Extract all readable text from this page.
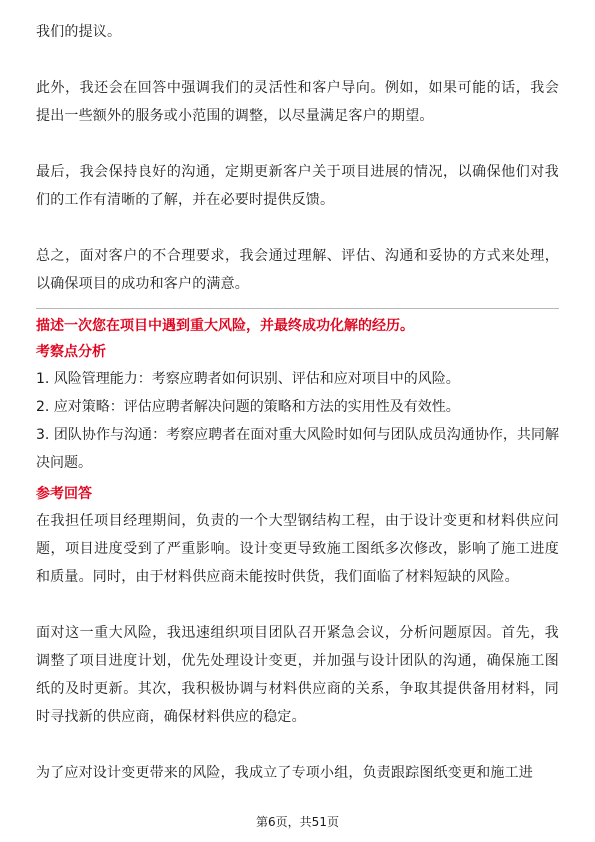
我们的提议。

此外，我还会在回答中强调我们的灵活性和客户导向。例如，如果可能的话，我会提出一些额外的服务或小范围的调整，以尽量满足客户的期望。

最后，我会保持良好的沟通，定期更新客户关于项目进展的情况，以确保他们对我们的工作有清晰的了解，并在必要时提供反馈。

总之，面对客户的不合理要求，我会通过理解、评估、沟通和妥协的方式来处理，以确保项目的成功和客户的满意。

描述一次您在项目中遇到重大风险，并最终成功化解的经历。

考察点分析

1. 风险管理能力：考察应聘者如何识别、评估和应对项目中的风险。

2. 应对策略：评估应聘者解决问题的策略和方法的实用性及有效性。

3. 团队协作与沟通：考察应聘者在面对重大风险时如何与团队成员沟通协作，共同解决问题。

参考回答

在我担任项目经理期间，负责的一个大型钢结构工程，由于设计变更和材料供应问题，项目进度受到了严重影响。设计变更导致施工图纸多次修改，影响了施工进度和质量。同时，由于材料供应商未能按时供货，我们面临了材料短缺的风险。

面对这一重大风险，我迅速组织项目团队召开紧急会议，分析问题原因。首先，我调整了项目进度计划，优先处理设计变更，并加强与设计团队的沟通，确保施工图纸的及时更新。其次，我积极协调与材料供应商的关系，争取其提供备用材料，同时寻找新的供应商，确保材料供应的稳定。

为了应对设计变更带来的风险，我成立了专项小组，负责跟踪图纸变更和施工进

第6页，共51页
